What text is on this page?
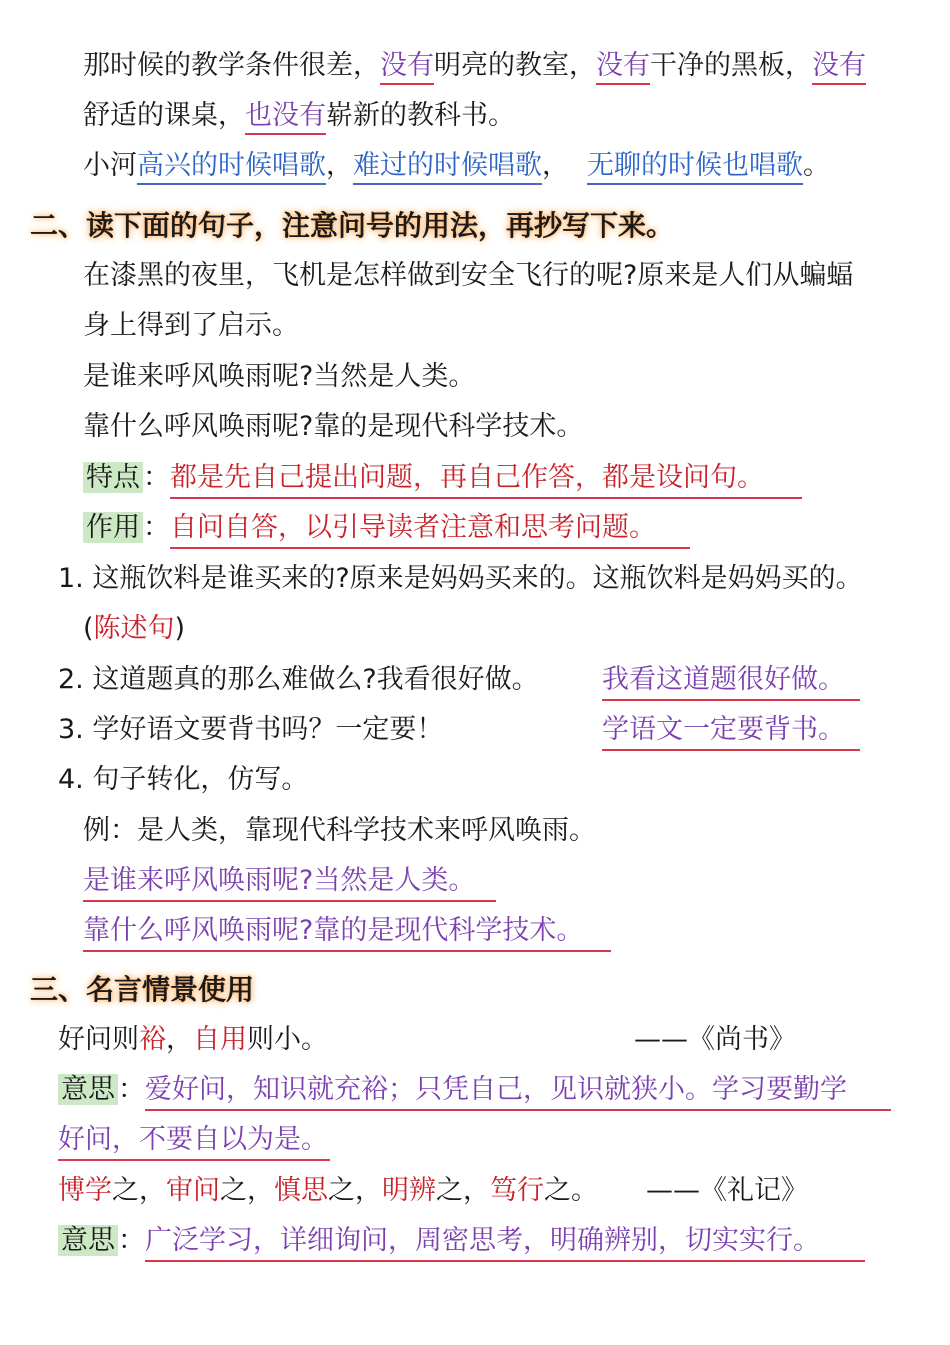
那时候的教学条件很差，没有明亮的教室，没有干净的黑板，没有
舒适的课桌，也没有崭新的教科书。
小河高兴的时候唱歌，难过的时候唱歌， 无聊的时候也唱歌。
二、读下面的句子，注意问号的用法，再抄写下来。
在漆黑的夜里，飞机是怎样做到安全飞行的呢?原来是人们从蝙蝠
身上得到了启示。
是谁来呼风唤雨呢?当然是人类。
靠什么呼风唤雨呢?靠的是现代科学技术。
特点 ：都是先自己提出问题，再自己作答，都是设问句。
作用 ：自问自答，以引导读者注意和思考问题。
1. 这瓶饮料是谁买来的?原来是妈妈买来的。这瓶饮料是妈妈买的。
(陈述句)
2. 这道题真的那么难做么?我看很好做。 我看这道题很好做。
3. 学好语文要背书吗？一定要！	学语文一定要背书。
4. 句子转化，仿写。
例：是人类，靠现代科学技术来呼风唤雨。
是谁来呼风唤雨呢?当然是人类。
靠什么呼风唤雨呢?靠的是现代科学技术。
三、名言情景使用
好问则裕，自用则小。	——《尚书》
意思 ：爱好问，知识就充裕；只凭自己，见识就狭小。学习要勤学
好问，不要自以为是。
博学之，审问之，慎思之，明辨之，笃行之。 ——《礼记》
意思 ：广泛学习，详细询问，周密思考，明确辨别，切实实行。
